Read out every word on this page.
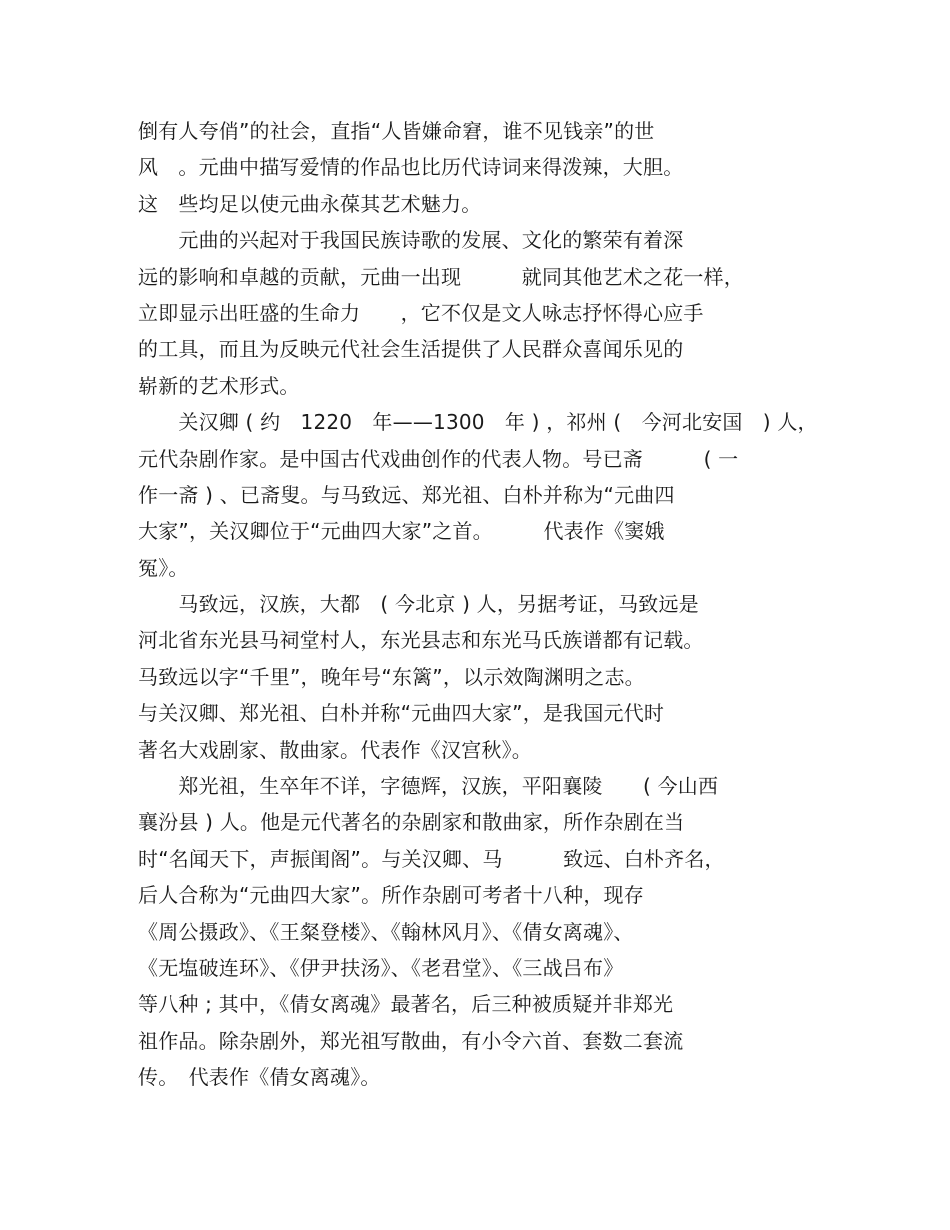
倒有人夸俏”的社会，直指“人皆嫌命窘，谁不见钱亲”的世
风　。元曲中描写爱情的作品也比历代诗词来得泼辣，大胆。
这　些均足以使元曲永葆其艺术魅力。
　　元曲的兴起对于我国民族诗歌的发展、文化的繁荣有着深
远的影响和卓越的贡献，元曲一出现　　　就同其他艺术之花一样，
立即显示出旺盛的生命力　　，它不仅是文人咏志抒怀得心应手
的工具，而且为反映元代社会生活提供了人民群众喜闻乐见的
崭新的艺术形式。
　　关汉卿 ( 约　1220　年——1300　年 ) ，祁州 (　今河北安国　) 人，
元代杂剧作家。是中国古代戏曲创作的代表人物。号已斋　　　( 一
作一斋 ) 、已斋叟。与马致远、郑光祖、白朴并称为“元曲四
大家”，关汉卿位于“元曲四大家”之首。　　　代表作《窦娥
冤》。
　　马致远，汉族，大都　( 今北京 ) 人，另据考证，马致远是
河北省东光县马祠堂村人，东光县志和东光马氏族谱都有记载。
马致远以字“千里”，晚年号“东篱”，以示效陶渊明之志。
与关汉卿、郑光祖、白朴并称“元曲四大家”，是我国元代时
著名大戏剧家、散曲家。代表作《汉宫秋》。
　　郑光祖，生卒年不详，字德辉，汉族，平阳襄陵　　( 今山西
襄汾县 ) 人。他是元代著名的杂剧家和散曲家，所作杂剧在当
时“名闻天下，声振闺阁”。与关汉卿、马　　　致远、白朴齐名，
后人合称为“元曲四大家”。所作杂剧可考者十八种，现存
《周公摄政》、《王粲登楼》、《翰林风月》、《倩女离魂》、
《无塩破连环》、《伊尹扶汤》、《老君堂》、《三战吕布》
等八种 ; 其中，《倩女离魂》最著名，后三种被质疑并非郑光
祖作品。除杂剧外，郑光祖写散曲，有小令六首、套数二套流
传。　代表作《倩女离魂》。
